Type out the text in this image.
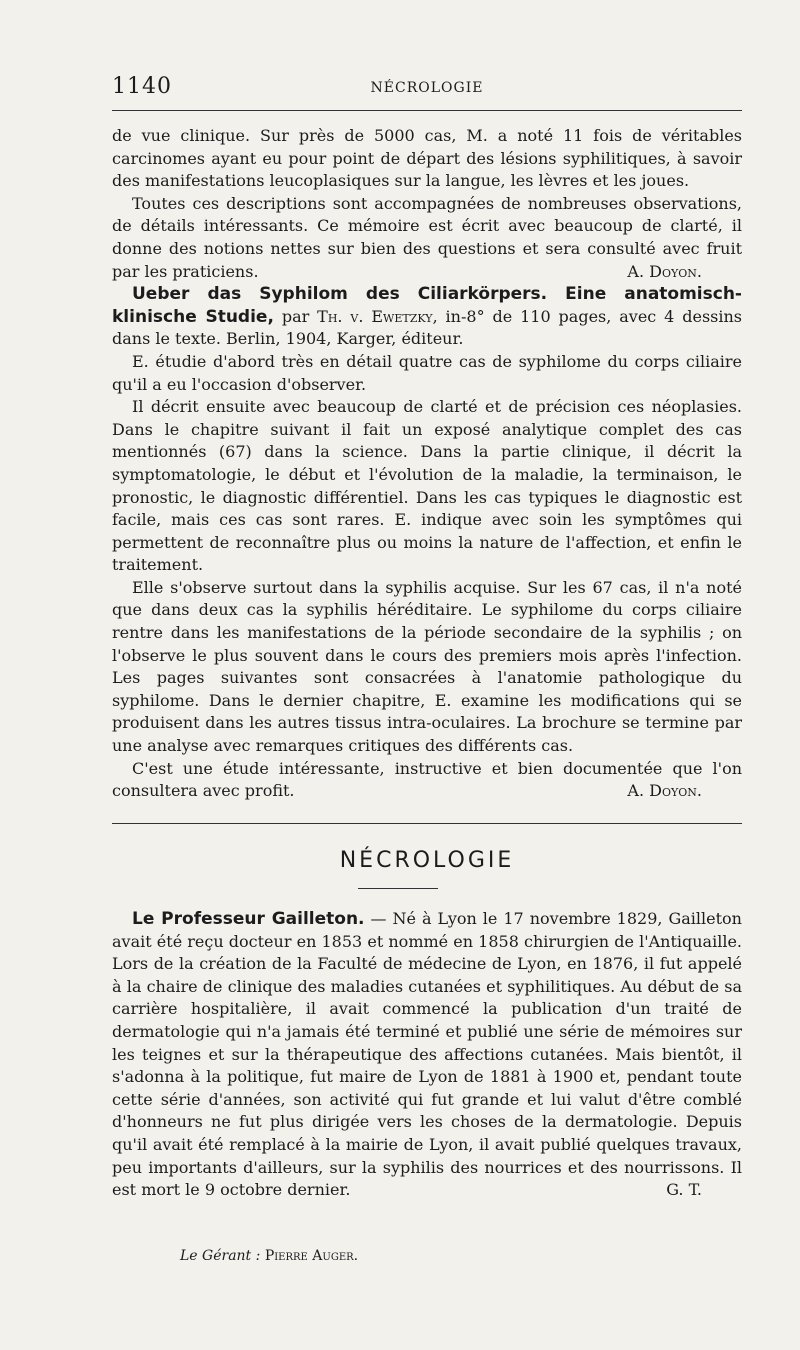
1140	NÉCROLOGIE

de vue clinique. Sur près de 5000 cas, M. a noté 11 fois de véritables carcinomes ayant eu pour point de départ des lésions syphilitiques, à savoir des manifestations leucoplasiques sur la langue, les lèvres et les joues.

Toutes ces descriptions sont accompagnées de nombreuses observations, de détails intéressants. Ce mémoire est écrit avec beaucoup de clarté, il donne des notions nettes sur bien des questions et sera consulté avec fruit par les praticiens.	A. Doyon.

Ueber das Syphilom des Ciliarkörpers. Eine anatomisch-klinische Studie, par Th. v. Ewetzky, in-8° de 110 pages, avec 4 dessins dans le texte. Berlin, 1904, Karger, éditeur.

E. étudie d'abord très en détail quatre cas de syphilome du corps ciliaire qu'il a eu l'occasion d'observer.

Il décrit ensuite avec beaucoup de clarté et de précision ces néoplasies. Dans le chapitre suivant il fait un exposé analytique complet des cas mentionnés (67) dans la science. Dans la partie clinique, il décrit la symptomatologie, le début et l'évolution de la maladie, la terminaison, le pronostic, le diagnostic différentiel. Dans les cas typiques le diagnostic est facile, mais ces cas sont rares. E. indique avec soin les symptômes qui permettent de reconnaître plus ou moins la nature de l'affection, et enfin le traitement.

Elle s'observe surtout dans la syphilis acquise. Sur les 67 cas, il n'a noté que dans deux cas la syphilis héréditaire. Le syphilome du corps ciliaire rentre dans les manifestations de la période secondaire de la syphilis ; on l'observe le plus souvent dans le cours des premiers mois après l'infection. Les pages suivantes sont consacrées à l'anatomie pathologique du syphilome. Dans le dernier chapitre, E. examine les modifications qui se produisent dans les autres tissus intra-oculaires. La brochure se termine par une analyse avec remarques critiques des différents cas.

C'est une étude intéressante, instructive et bien documentée que l'on consultera avec profit.	A. Doyon.

NÉCROLOGIE

Le Professeur Gailleton. — Né à Lyon le 17 novembre 1829, Gailleton avait été reçu docteur en 1853 et nommé en 1858 chirurgien de l'Antiquaille. Lors de la création de la Faculté de médecine de Lyon, en 1876, il fut appelé à la chaire de clinique des maladies cutanées et syphilitiques. Au début de sa carrière hospitalière, il avait commencé la publication d'un traité de dermatologie qui n'a jamais été terminé et publié une série de mémoires sur les teignes et sur la thérapeutique des affections cutanées. Mais bientôt, il s'adonna à la politique, fut maire de Lyon de 1881 à 1900 et, pendant toute cette série d'années, son activité qui fut grande et lui valut d'être comblé d'honneurs ne fut plus dirigée vers les choses de la dermatologie. Depuis qu'il avait été remplacé à la mairie de Lyon, il avait publié quelques travaux, peu importants d'ailleurs, sur la syphilis des nourrices et des nourrissons. Il est mort le 9 octobre dernier.	G. T.

Le Gérant : Pierre Auger.
